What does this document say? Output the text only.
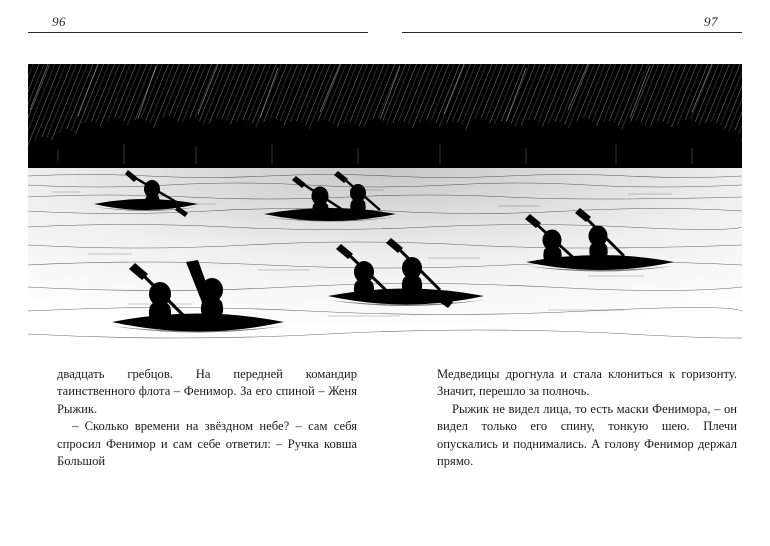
96	97

двадцать гребцов. На передней командир таинственного флота – Фенимор. За его спиной – Женя Рыжик.

– Сколько времени на звёздном небе? – сам себя спросил Фенимор и сам себе ответил: – Ручка ковша Большой

Медведицы дрогнула и стала клониться к горизонту. Значит, перешло за полночь.

Рыжик не видел лица, то есть маски Фенимора, – он видел только его спину, тонкую шею. Плечи опускались и поднимались. А голову Фенимор держал прямо.
